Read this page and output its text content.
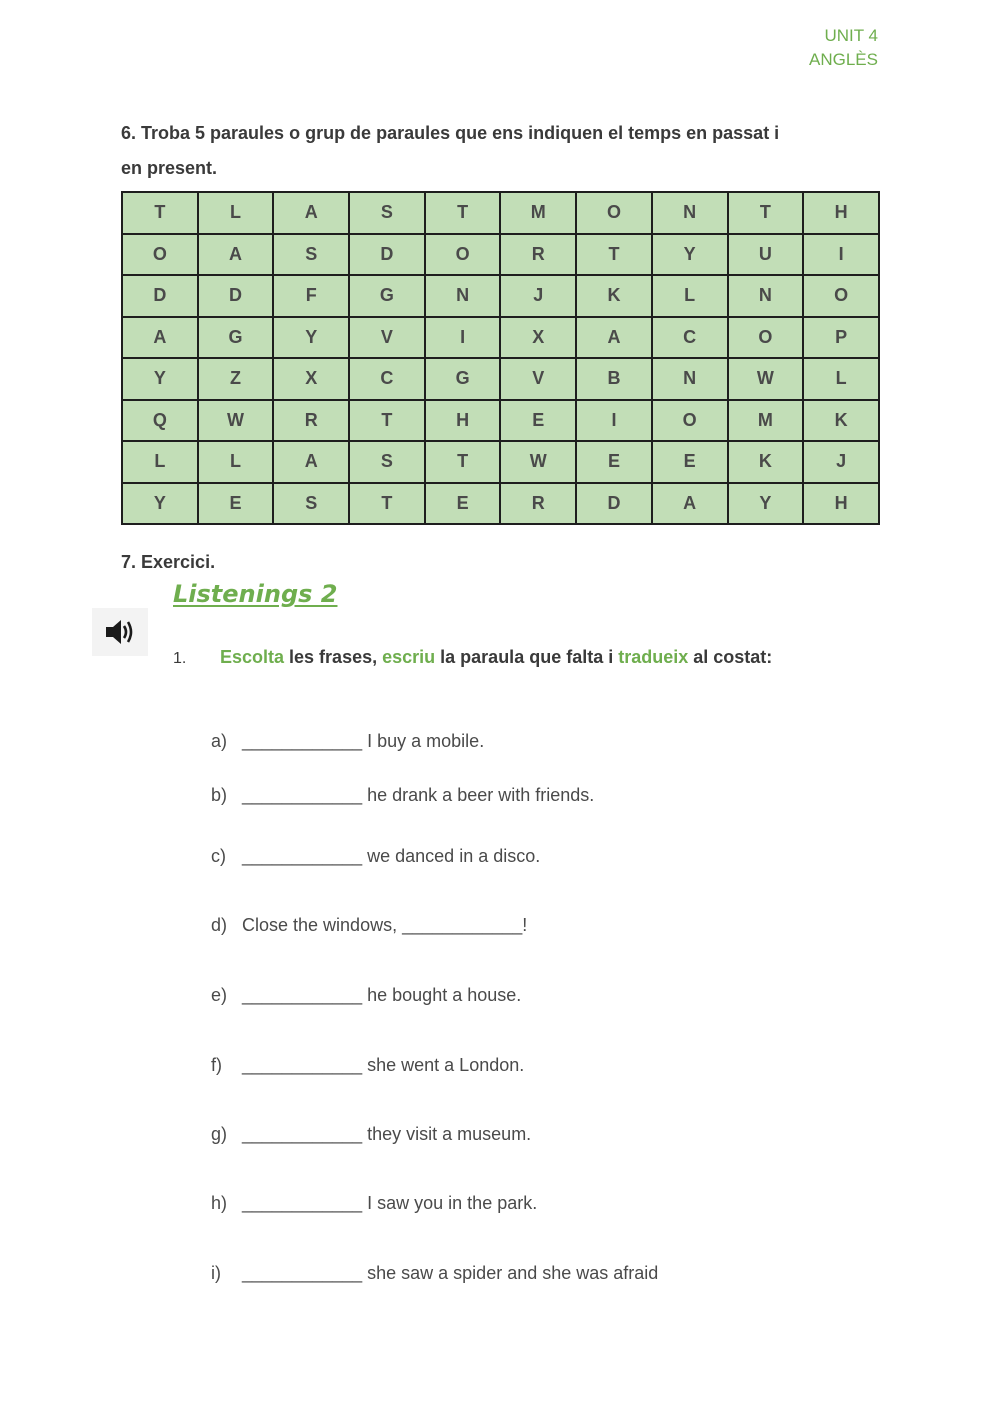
UNIT 4
ANGLÈS
6. Troba 5 paraules o grup de paraules que ens indiquen el temps en passat i
en present.
T	L	A	S	T	M	O	N	T	H
O	A	S	D	O	R	T	Y	U	I
D	D	F	G	N	J	K	L	N	O
A	G	Y	V	I	X	A	C	O	P
Y	Z	X	C	G	V	B	N	W	L
Q	W	R	T	H	E	I	O	M	K
L	L	A	S	T	W	E	E	K	J
Y	E	S	T	E	R	D	A	Y	H
7. Exercici.
Listenings 2
1. Escolta les frases, escriu la paraula que falta i tradueix al costat:
a) ____________ I buy a mobile.
b) ____________ he drank a beer with friends.
c) ____________ we danced in a disco.
d) Close the windows, ____________!
e) ____________ he bought a house.
f) ____________ she went a London.
g) ____________ they visit a museum.
h) ____________ I saw you in the park.
i) ____________ she saw a spider and she was afraid
